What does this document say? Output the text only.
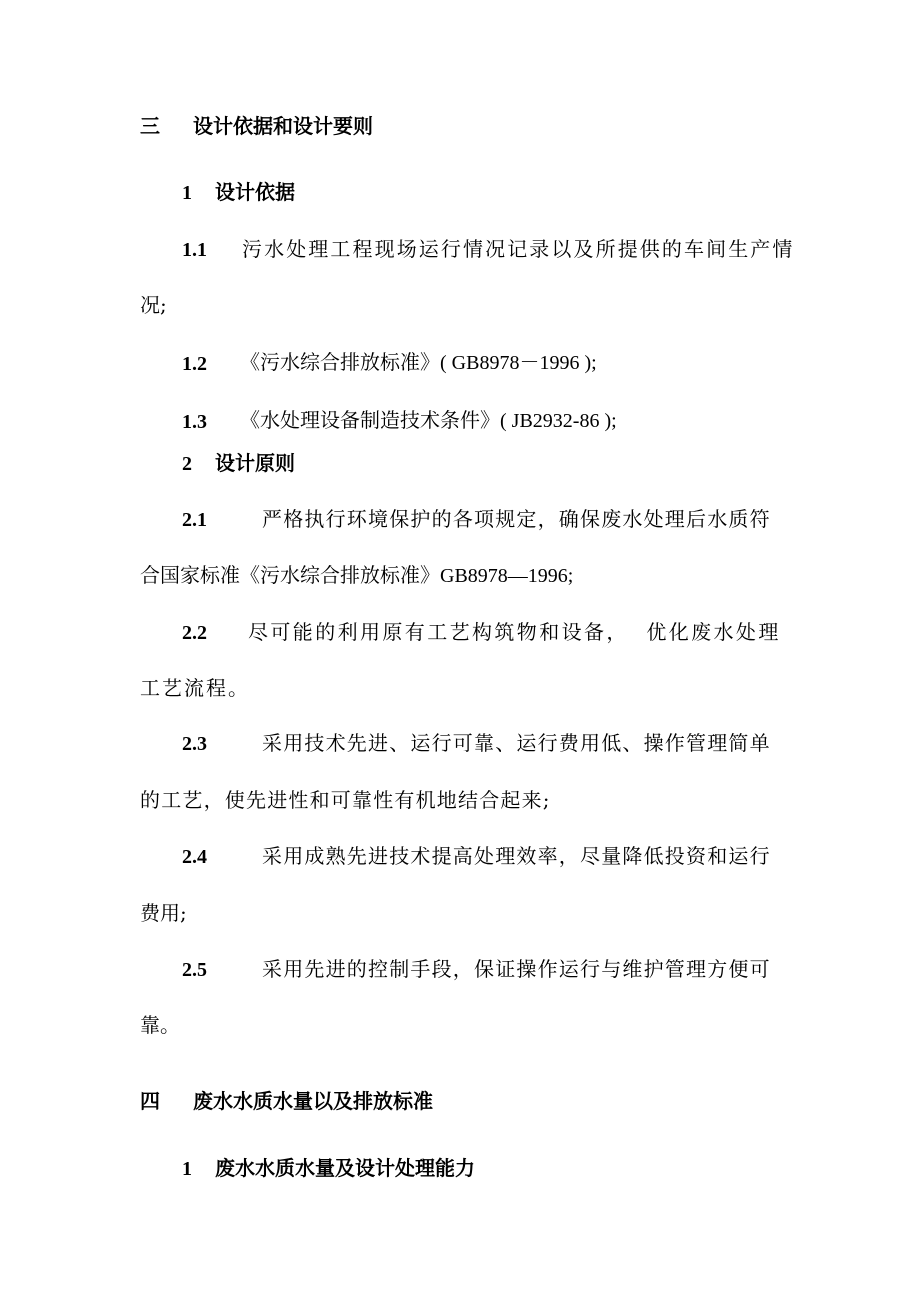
三 设计依据和设计要则
1 设计依据
1.1 污水处理工程现场运行情况记录以及所提供的车间生产情
况;
1.2 《污水综合排放标准》( GB8978－1996 );
1.3 《水处理设备制造技术条件》( JB2932-86 );
2 设计原则
2.1	严格执行环境保护的各项规定，确保废水处理后水质符
合国家标准《污水综合排放标准》GB8978—1996;
2.2 尽可能的利用原有工艺构筑物和设备，  优化废水处理
工艺流程。
2.3	采用技术先进、运行可靠、运行费用低、操作管理简单
的工艺，使先进性和可靠性有机地结合起来;
2.4	采用成熟先进技术提高处理效率，尽量降低投资和运行
费用;
2.5	采用先进的控制手段，保证操作运行与维护管理方便可
靠。
四 废水水质水量以及排放标准
1 废水水质水量及设计处理能力
